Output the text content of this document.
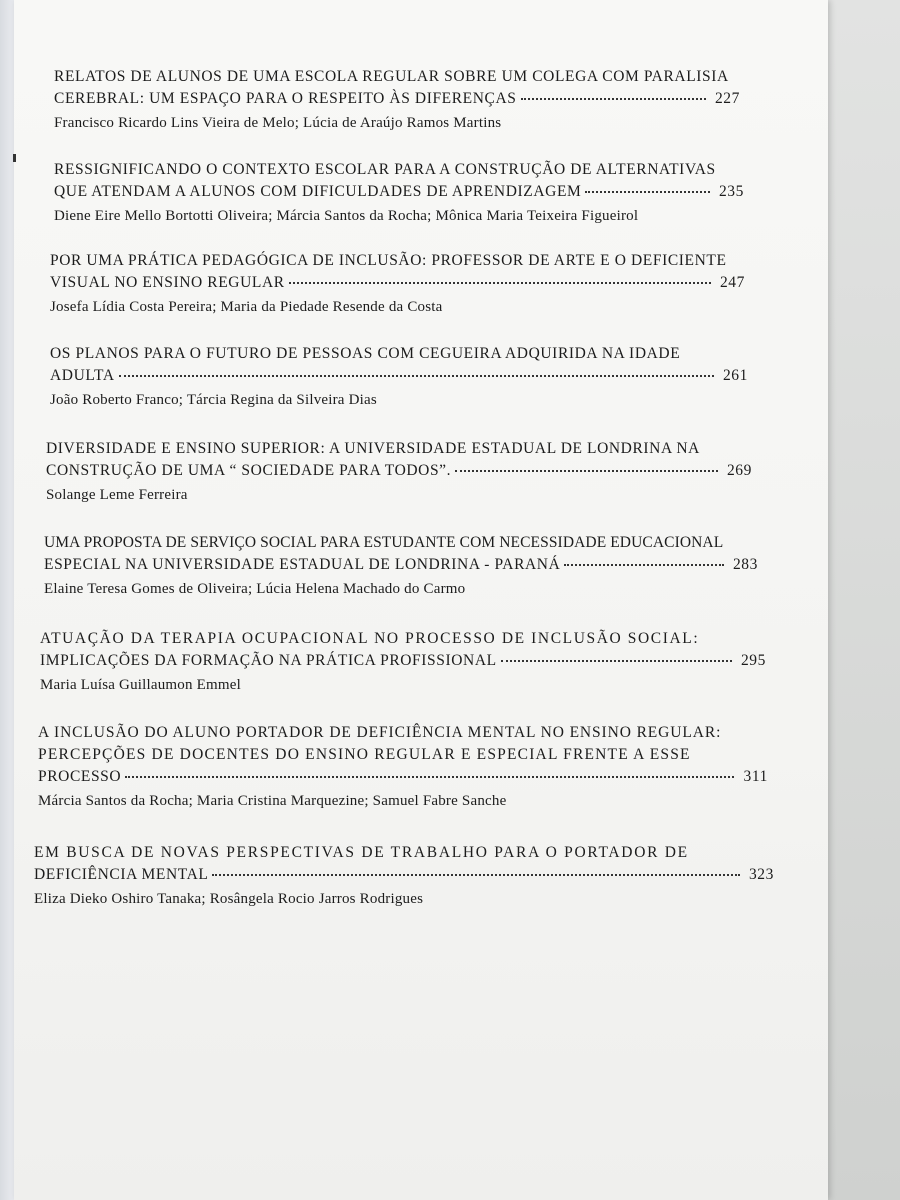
RELATOS DE ALUNOS DE UMA ESCOLA REGULAR SOBRE UM COLEGA COM PARALISIA
CEREBRAL: UM ESPAÇO PARA O RESPEITO ÀS DIFERENÇAS	227
Francisco Ricardo Lins Vieira de Melo; Lúcia de Araújo Ramos Martins
RESSIGNIFICANDO O CONTEXTO ESCOLAR PARA A CONSTRUÇÃO DE ALTERNATIVAS
QUE ATENDAM A ALUNOS COM DIFICULDADES DE APRENDIZAGEM	235
Diene Eire Mello Bortotti Oliveira; Márcia Santos da Rocha; Mônica Maria Teixeira Figueirol
POR UMA PRÁTICA PEDAGÓGICA DE INCLUSÃO: PROFESSOR DE ARTE E O DEFICIENTE
VISUAL NO ENSINO REGULAR	247
Josefa Lídia Costa Pereira; Maria da Piedade Resende da Costa
OS PLANOS PARA O FUTURO DE PESSOAS COM CEGUEIRA ADQUIRIDA NA IDADE
ADULTA	261
João Roberto Franco; Tárcia Regina da Silveira Dias
DIVERSIDADE E ENSINO SUPERIOR: A UNIVERSIDADE ESTADUAL DE LONDRINA NA
CONSTRUÇÃO DE UMA “ SOCIEDADE PARA TODOS”.	269
Solange Leme Ferreira
UMA PROPOSTA DE SERVIÇO SOCIAL PARA ESTUDANTE COM NECESSIDADE EDUCACIONAL
ESPECIAL NA UNIVERSIDADE ESTADUAL DE LONDRINA - PARANÁ	283
Elaine Teresa Gomes de Oliveira; Lúcia Helena Machado do Carmo
ATUAÇÃO DA TERAPIA OCUPACIONAL NO PROCESSO DE INCLUSÃO SOCIAL:
IMPLICAÇÕES DA FORMAÇÃO NA PRÁTICA PROFISSIONAL	295
Maria Luísa Guillaumon Emmel
A INCLUSÃO DO ALUNO PORTADOR DE DEFICIÊNCIA MENTAL NO ENSINO REGULAR:
PERCEPÇÕES DE DOCENTES DO ENSINO REGULAR E ESPECIAL FRENTE A ESSE
PROCESSO	311
Márcia Santos da Rocha; Maria Cristina Marquezine; Samuel Fabre Sanche
EM BUSCA DE NOVAS PERSPECTIVAS DE TRABALHO PARA O PORTADOR DE
DEFICIÊNCIA MENTAL	323
Eliza Dieko Oshiro Tanaka; Rosângela Rocio Jarros Rodrigues
